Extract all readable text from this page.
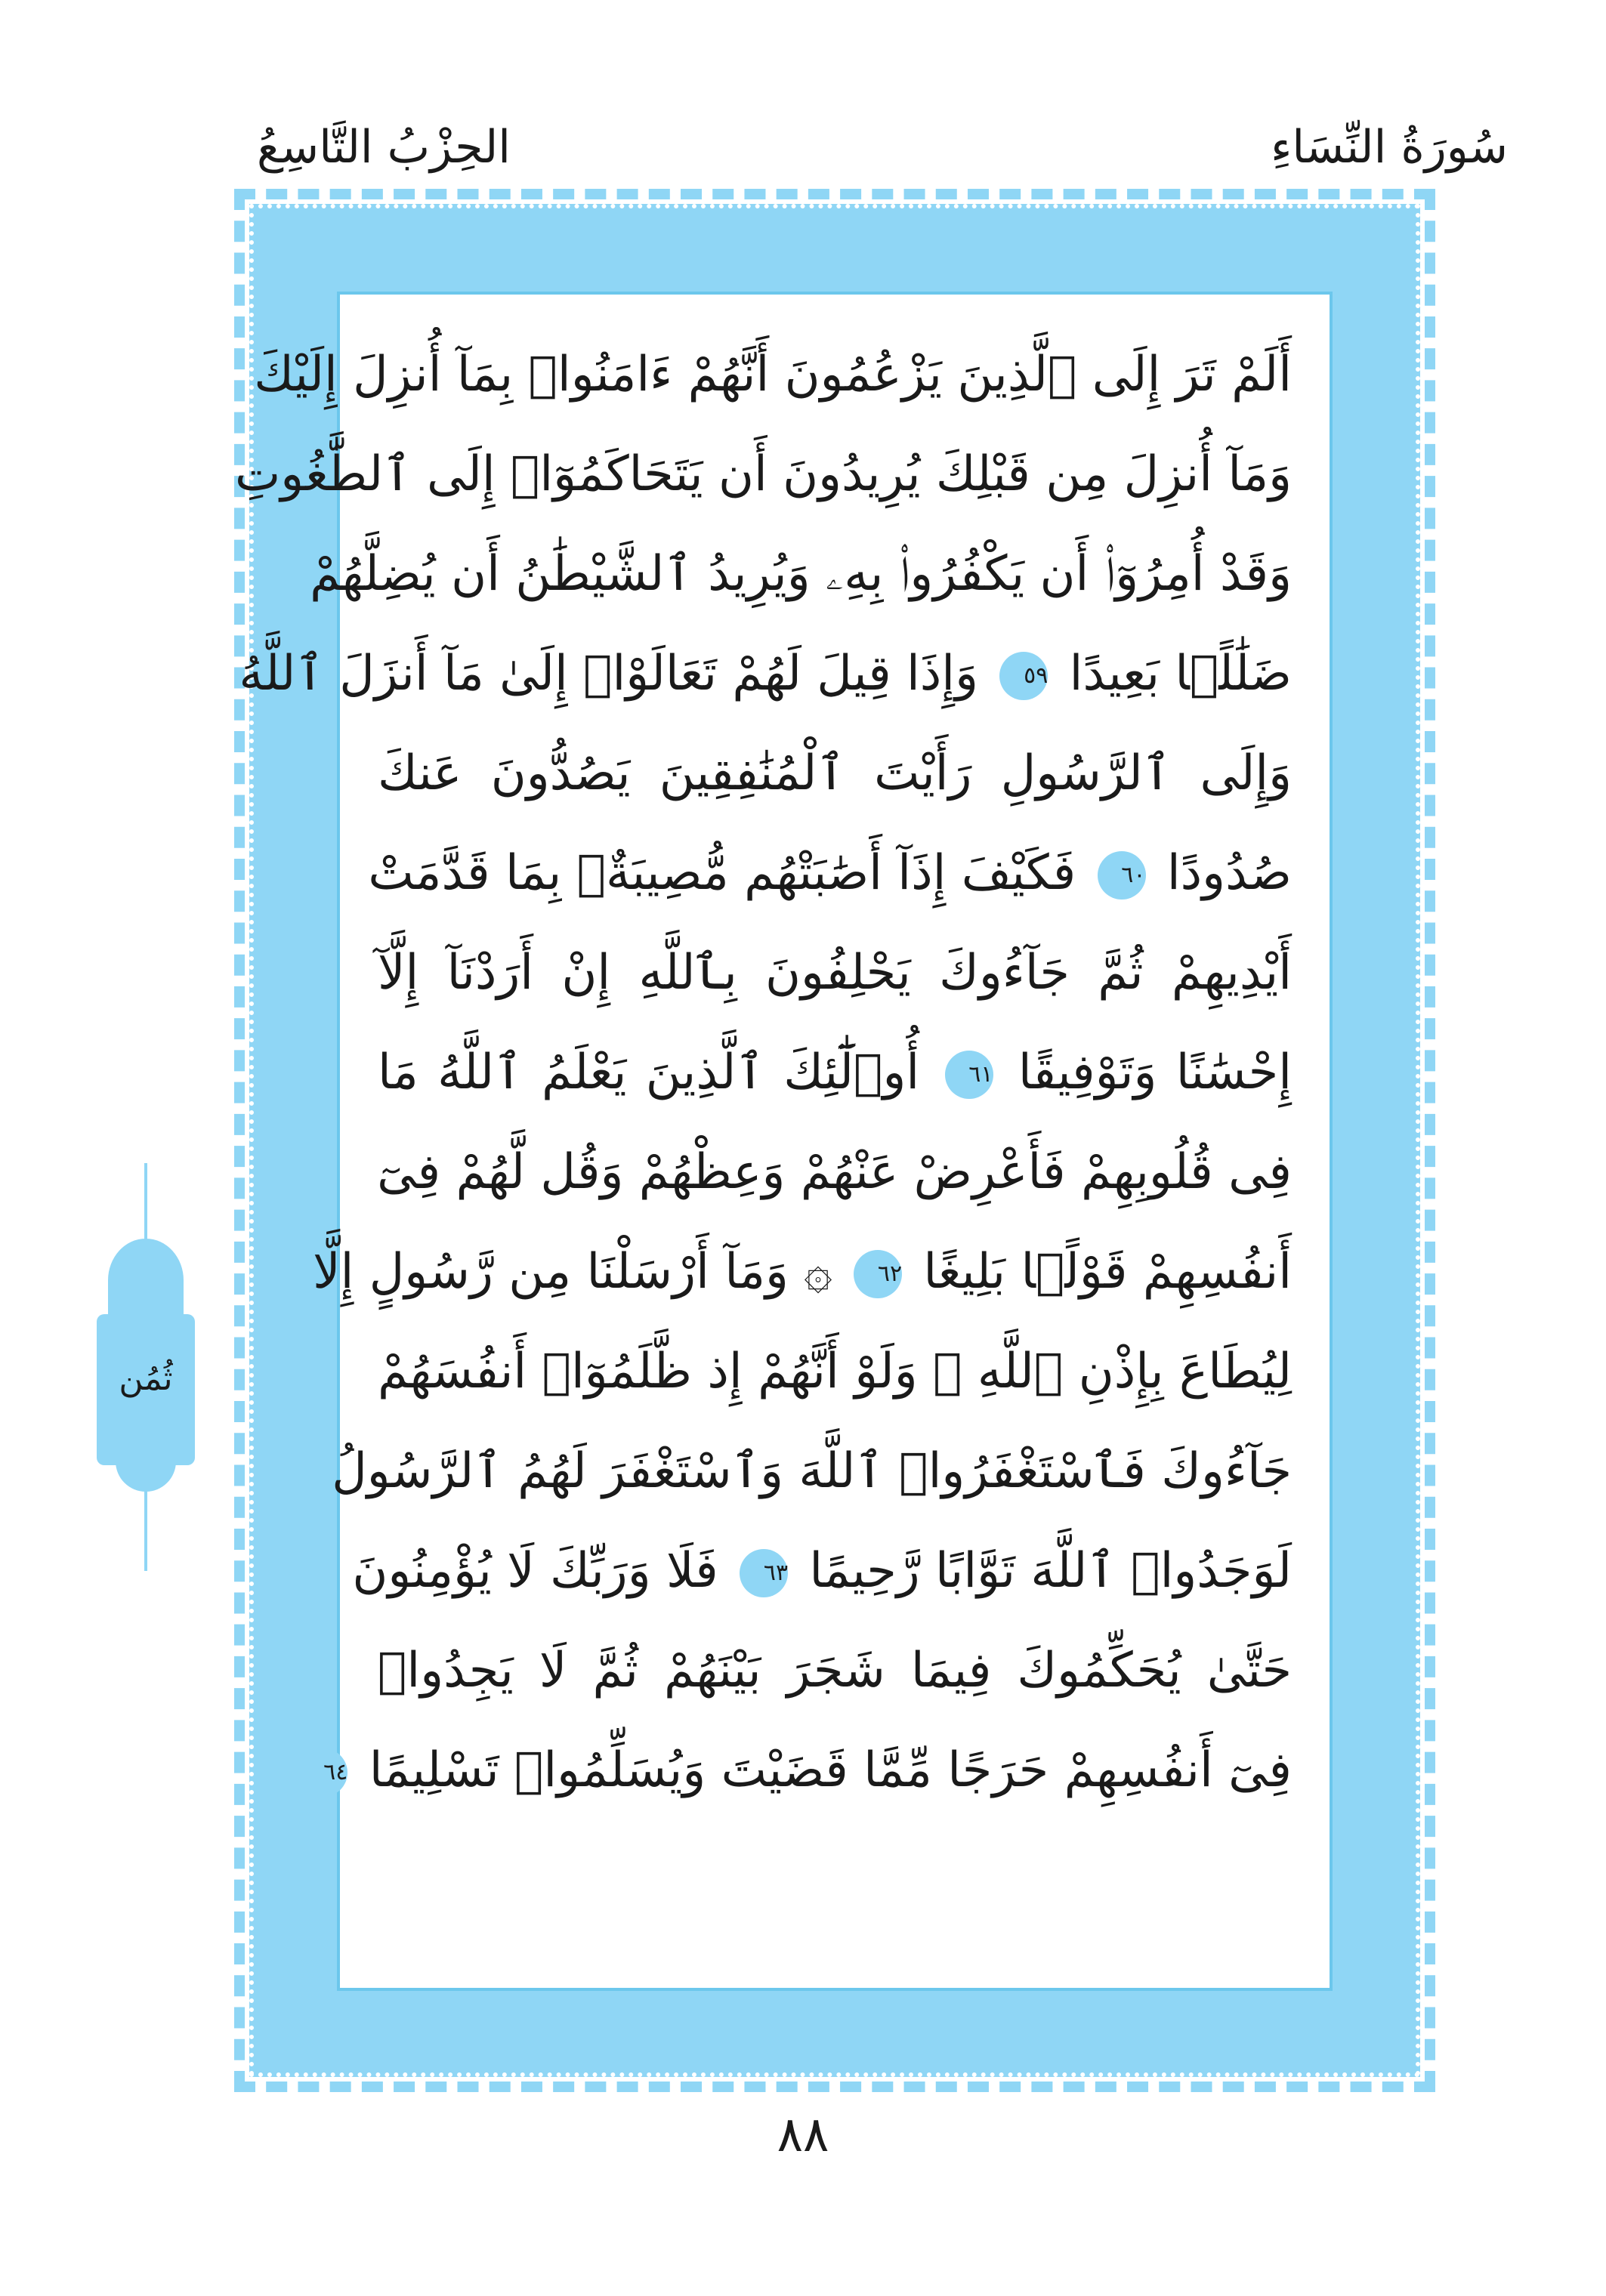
سُورَةُ النِّسَاءِ
الحِزْبُ التَّاسِعُ
أَلَمْ تَرَ إِلَى ٱلَّذِينَ يَزْعُمُونَ أَنَّهُمْ ءَامَنُوا۟ بِمَآ أُنزِلَ إِلَيْكَ
وَمَآ أُنزِلَ مِن قَبْلِكَ يُرِيدُونَ أَن يَتَحَاكَمُوٓا۟ إِلَى ٱلطَّٰغُوتِ
وَقَدْ أُمِرُوٓا۟ أَن يَكْفُرُوا۟ بِهِۦ وَيُرِيدُ ٱلشَّيْطَٰنُ أَن يُضِلَّهُمْ
ضَلَٰلًۢا بَعِيدًا ٥٩ وَإِذَا قِيلَ لَهُمْ تَعَالَوْا۟ إِلَىٰ مَآ أَنزَلَ ٱللَّهُ
وَإِلَى ٱلرَّسُولِ رَأَيْتَ ٱلْمُنَٰفِقِينَ يَصُدُّونَ عَنكَ
صُدُودًا ٦٠ فَكَيْفَ إِذَآ أَصَٰبَتْهُم مُّصِيبَةٌۢ بِمَا قَدَّمَتْ
أَيْدِيهِمْ ثُمَّ جَآءُوكَ يَحْلِفُونَ بِٱللَّهِ إِنْ أَرَدْنَآ إِلَّآ
إِحْسَٰنًا وَتَوْفِيقًا ٦١ أُو۟لَٰٓئِكَ ٱلَّذِينَ يَعْلَمُ ٱللَّهُ مَا
فِى قُلُوبِهِمْ فَأَعْرِضْ عَنْهُمْ وَعِظْهُمْ وَقُل لَّهُمْ فِىٓ
أَنفُسِهِمْ قَوْلًۢا بَلِيغًا ٦٢ ۞ وَمَآ أَرْسَلْنَا مِن رَّسُولٍ إِلَّا
لِيُطَاعَ بِإِذْنِ ٱللَّهِ ۚ وَلَوْ أَنَّهُمْ إِذ ظَّلَمُوٓا۟ أَنفُسَهُمْ
جَآءُوكَ فَٱسْتَغْفَرُوا۟ ٱللَّهَ وَٱسْتَغْفَرَ لَهُمُ ٱلرَّسُولُ
لَوَجَدُوا۟ ٱللَّهَ تَوَّابًا رَّحِيمًا ٦٣ فَلَا وَرَبِّكَ لَا يُؤْمِنُونَ
حَتَّىٰ يُحَكِّمُوكَ فِيمَا شَجَرَ بَيْنَهُمْ ثُمَّ لَا يَجِدُوا۟
فِىٓ أَنفُسِهِمْ حَرَجًا مِّمَّا قَضَيْتَ وَيُسَلِّمُوا۟ تَسْلِيمًا ٦٤
ثُمُن
٨٨
